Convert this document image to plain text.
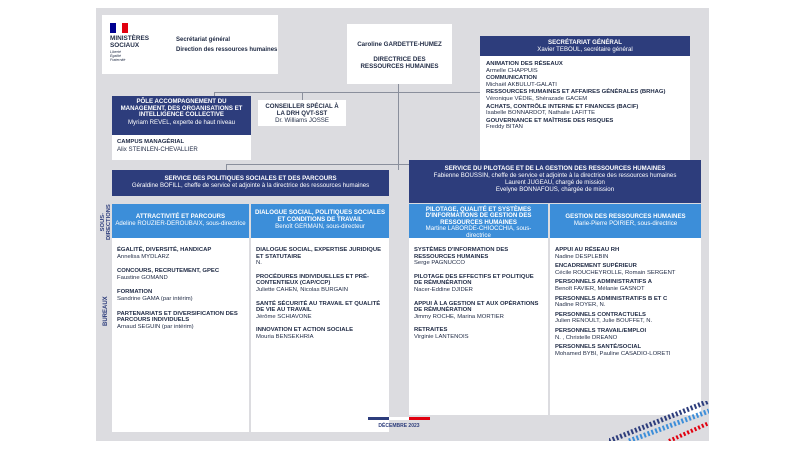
MINISTÈRES
SOCIAUX
Liberté
Égalité
Fraternité
Secrétariat général
Direction des ressources humaines
Caroline GARDETTE-HUMEZ
DIRECTRICE DES RESSOURCES HUMAINES
SECRÉTARIAT GÉNÉRAL
Xavier TEBOUL, secrétaire général
ANIMATION DES RÉSEAUX
Armelle CHAPPUIS
COMMUNICATION
Michaël AKBULUT-GALATI
RESSOURCES HUMAINES ET AFFAIRES GÉNÉRALES (BRHAG)
Véronique VÉDIE, Shérazade GACEM
ACHATS, CONTRÔLE INTERNE ET FINANCES (BACIF)
Isabelle BONNARDOT, Nathalie LAFITTE
GOUVERNANCE ET MAÎTRISE DES RISQUES
Freddy BITAN
PÔLE ACCOMPAGNEMENT DU MANAGEMENT, DES ORGANISATIONS ET INTELLIGENCE COLLECTIVE
Myriam REVEL, experte de haut niveau
CAMPUS MANAGÉRIAL
Alix STEINLEN-CHEVALLIER
CONSEILLER SPÉCIAL À LA DRH QVT-SST
Dr. Williams JOSSE
SERVICE DES POLITIQUES SOCIALES ET DES PARCOURS
Géraldine BOFILL, cheffe de service et adjointe à la directrice des ressources humaines
SERVICE DU PILOTAGE ET DE LA GESTION DES RESSOURCES HUMAINES
Fabienne BOUSSIN, cheffe de service et adjointe à la directrice des ressources humaines
Laurent JUGEAU, chargé de mission
Evelyne BONNAFOUS, chargée de mission
SOUS- DIRECTIONS
BUREAUX
ATTRACTIVITÉ ET PARCOURS
Adeline ROUZIER-DEROUBAIX, sous-directrice
ÉGALITÉ, DIVERSITÉ, HANDICAP
Annelisa MYDLARZ
CONCOURS, RECRUTEMENT, GPEC
Faustine GOMAND
FORMATION
Sandrine GAMA (par intérim)
PARTENARIATS ET DIVERSIFICATION DES PARCOURS INDIVIDUELS
Arnaud SEGUIN (par intérim)
DIALOGUE SOCIAL, POLITIQUES SOCIALES ET CONDITIONS DE TRAVAIL
Benoît GERMAIN, sous-directeur
DIALOGUE SOCIAL, EXPERTISE JURIDIQUE ET STATUTAIRE
N.
PROCÉDURES INDIVIDUELLES ET PRÉ-CONTENTIEUX (CAP/CCP)
Juliette CAHEN, Nicolas BURGAIN
SANTÉ SÉCURITÉ AU TRAVAIL ET QUALITÉ DE VIE AU TRAVAIL
Jérôme SCHIAVONE
INNOVATION ET ACTION SOCIALE
Mouria BENSEKHRIA
PILOTAGE, QUALITÉ ET SYSTÈMES D'INFORMATIONS DE GESTION DES RESSOURCES HUMAINES
Martine LABORDE-CHIOCCHIA, sous-directrice
SYSTÈMES D'INFORMATION DES RESSOURCES HUMAINES
Serge PAGNUCCO
PILOTAGE DES EFFECTIFS ET POLITIQUE DE RÉMUNÉRATION
Nacer-Eddine DJIDER
APPUI À LA GESTION ET AUX OPÉRATIONS DE RÉMUNÉRATION
Jimmy ROCHE, Marina MORTIER
RETRAITES
Virginie LANTENOIS
GESTION DES RESSOURCES HUMAINES
Marie-Pierre POIRIER, sous-directrice
APPUI AU RÉSEAU RH
Nadine DESPLEBIN
ENCADREMENT SUPÉRIEUR
Cécile ROUCHEYROLLE, Romain SERGENT
PERSONNELS ADMINISTRATIFS A
Benoît FAVIER, Mélanie GASNOT
PERSONNELS ADMINISTRATIFS B ET C
Nadine ROYER, N.
PERSONNELS CONTRACTUELS
Julien RENOULT, Julie BOUFFET, N.
PERSONNELS TRAVAIL/EMPLOI
N. , Christelle DREANO
PERSONNELS SANTÉ/SOCIAL
Mohamed BYBI, Pauline CASADIO-LORETI
DÉCEMBRE 2023
